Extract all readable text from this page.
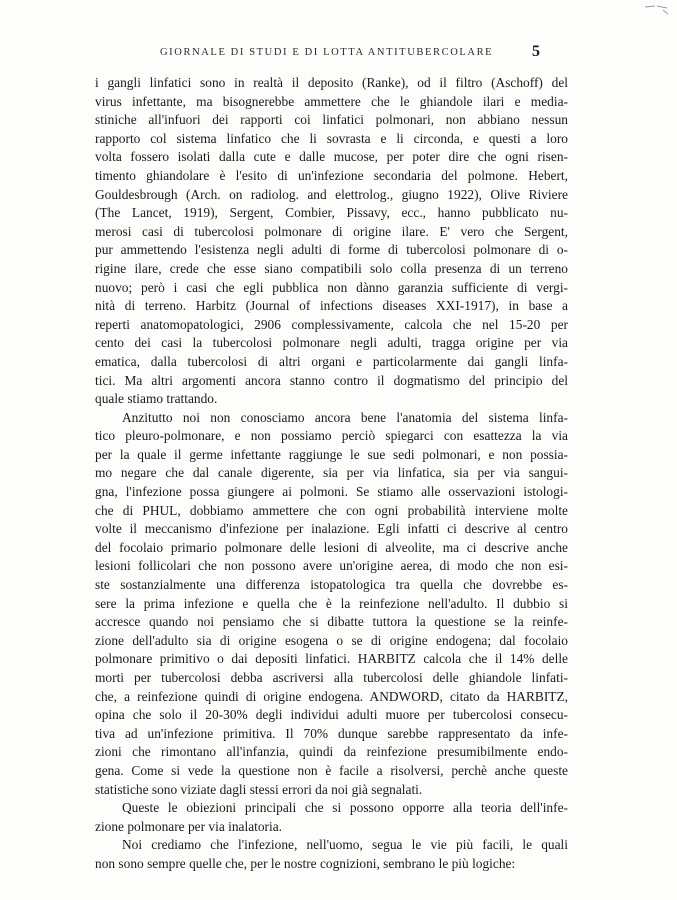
GIORNALE DI STUDI E DI LOTTA ANTITUBERCOLARE	5
i gangli linfatici sono in realtà il deposito (Ranke), od il filtro (Aschoff) del
virus infettante, ma bisognerebbe ammettere che le ghiandole ilari e media-
stiniche all'infuori dei rapporti coi linfatici polmonari, non abbiano nessun
rapporto col sistema linfatico che li sovrasta e li circonda, e questi a loro
volta fossero isolati dalla cute e dalle mucose, per poter dire che ogni risen-
timento ghiandolare è l'esito di un'infezione secondaria del polmone. Hebert,
Gouldesbrough (Arch. on radiolog. and elettrolog., giugno 1922), Olive Riviere
(The Lancet, 1919), Sergent, Combier, Pissavy, ecc., hanno pubblicato nu-
merosi casi di tubercolosi polmonare di origine ilare. E' vero che Sergent,
pur ammettendo l'esistenza negli adulti di forme di tubercolosi polmonare di o-
rigine ilare, crede che esse siano compatibili solo colla presenza di un terreno
nuovo; però i casi che egli pubblica non dànno garanzia sufficiente di vergi-
nità di terreno. Harbitz (Journal of infections diseases XXI-1917), in base a
reperti anatomopatologici, 2906 complessivamente, calcola che nel 15-20 per
cento dei casi la tubercolosi polmonare negli adulti, tragga origine per via
ematica, dalla tubercolosi di altri organi e particolarmente dai gangli linfa-
tici. Ma altri argomenti ancora stanno contro il dogmatismo del principio del
quale stiamo trattando.
Anzitutto noi non conosciamo ancora bene l'anatomia del sistema linfa-
tico pleuro-polmonare, e non possiamo perciò spiegarci con esattezza la via
per la quale il germe infettante raggiunge le sue sedi polmonari, e non possia-
mo negare che dal canale digerente, sia per via linfatica, sia per via sangui-
gna, l'infezione possa giungere ai polmoni. Se stiamo alle osservazioni istologi-
che di PHUL, dobbiamo ammettere che con ogni probabilità interviene molte
volte il meccanismo d'infezione per inalazione. Egli infatti ci descrive al centro
del focolaio primario polmonare delle lesioni di alveolite, ma ci descrive anche
lesioni follicolari che non possono avere un'origine aerea, di modo che non esi-
ste sostanzialmente una differenza istopatologica tra quella che dovrebbe es-
sere la prima infezione e quella che è la reinfezione nell'adulto. Il dubbio si
accresce quando noi pensiamo che si dibatte tuttora la questione se la reinfe-
zione dell'adulto sia di origine esogena o se di origine endogena; dal focolaio
polmonare primitivo o dai depositi linfatici. HARBITZ calcola che il 14% delle
morti per tubercolosi debba ascriversi alla tubercolosi delle ghiandole linfati-
che, a reinfezione quindi di origine endogena. ANDWORD, citato da HARBITZ,
opina che solo il 20-30% degli individui adulti muore per tubercolosi consecu-
tiva ad un'infezione primitiva. Il 70% dunque sarebbe rappresentato da infe-
zioni che rimontano all'infanzia, quindi da reinfezione presumibilmente endo-
gena. Come si vede la questione non è facile a risolversi, perchè anche queste
statistiche sono viziate dagli stessi errori da noi già segnalati.
Queste le obiezioni principali che si possono opporre alla teoria dell'infe-
zione polmonare per via inalatoria.
Noi crediamo che l'infezione, nell'uomo, segua le vie più facili, le quali
non sono sempre quelle che, per le nostre cognizioni, sembrano le più logiche:
